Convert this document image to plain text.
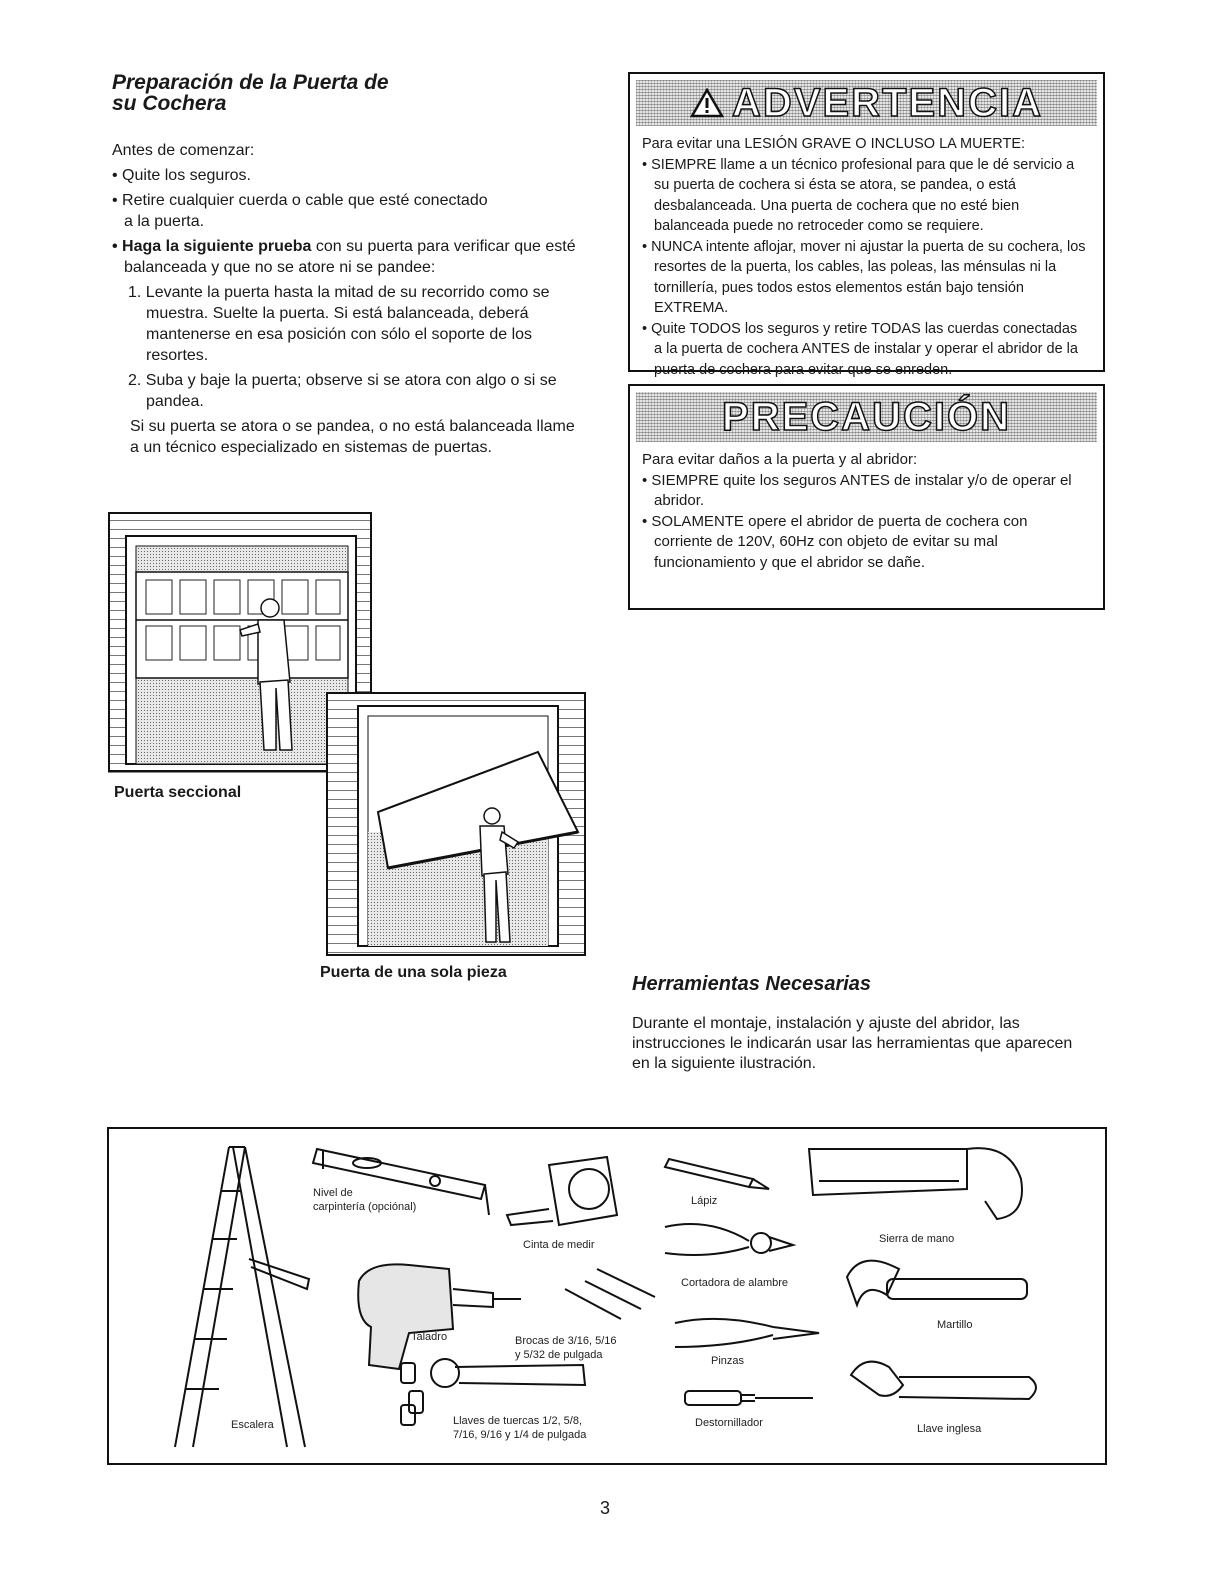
Preparación de la Puerta de
su Cochera

Antes de comenzar:

• Quite los seguros.

• Retire cualquier cuerda o cable que esté conectado

a la puerta.

• Haga la siguiente prueba con su puerta para verificar que esté balanceada y que no se atore ni se pandee:

1. Levante la puerta hasta la mitad de su recorrido como se muestra. Suelte la puerta. Si está balanceada, deberá mantenerse en esa posición con sólo el soporte de los resortes.

2. Suba y baje la puerta; observe si se atora con algo o si se pandea.

Si su puerta se atora o se pandea, o no está balanceada llame a un técnico especializado en sistemas de puertas.

Puerta seccional
Puerta de una sola pieza
ADVERTENCIA

Para evitar una LESIÓN GRAVE O INCLUSO LA MUERTE:

• SIEMPRE llame a un técnico profesional para que le dé servicio a su puerta de cochera si ésta se atora, se pandea, o está desbalanceada. Una puerta de cochera que no esté bien balanceada puede no retroceder como se requiere.

• NUNCA intente aflojar, mover ni ajustar la puerta de su cochera, los resortes de la puerta, los cables, las poleas, las ménsulas ni la tornillería, pues todos estos elementos están bajo tensión EXTREMA.

• Quite TODOS los seguros y retire TODAS las cuerdas conectadas a la puerta de cochera ANTES de instalar y operar el abridor de la puerta de cochera para evitar que se enreden.

PRECAUCIÓN

Para evitar daños a la puerta y al abridor:

• SIEMPRE quite los seguros ANTES de instalar y/o de operar el abridor.

• SOLAMENTE opere el abridor de puerta de cochera con corriente de 120V, 60Hz con objeto de evitar su mal funcionamiento y que el abridor se dañe.

Herramientas Necesarias
Durante el montaje, instalación y ajuste del abridor, las instrucciones le indicarán usar las herramientas que aparecen en la siguiente ilustración.
Escalera
Nivel de
carpintería (opciónal)
Cinta de medir
Taladro	Brocas de 3/16, 5/16
y 5/32 de pulgada
Llaves de tuercas 1/2, 5/8,
7/16, 9/16 y 1/4 de pulgada
Lápiz
Cortadora de alambre
Pinzas
Destornillador
Sierra de mano
Martillo
Llave inglesa
3
